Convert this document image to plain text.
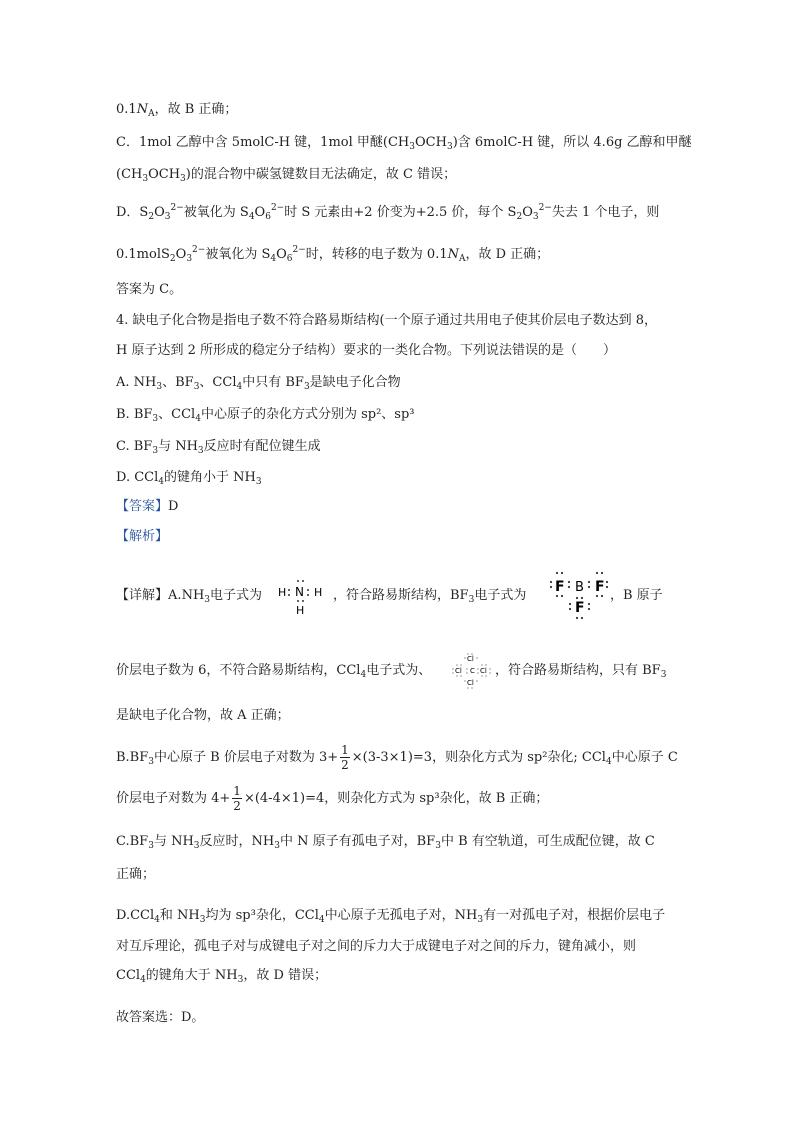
$0.1N_A$，故 B 正确；
C．1mol 乙醇中含 5molC-H 键，1mol 甲醚$(CH_3OCH_3)$含 6molC-H 键，所以 4.6g 乙醇和甲醚
$(CH_3OCH_3)$的混合物中碳氢键数目无法确定，故 C 错误；
D．$S_2O_3^{2-}$被氧化为 $S_4O_6^{2-}$时 S 元素由+2 价变为+2.5 价，每个 $S_2O_3^{2-}$失去 1 个电子，则
$0.1molS_2O_3^{2-}$被氧化为 $S_4O_6^{2-}$时，转移的电子数为 $0.1N_A$，故 D 正确；
答案为 C。
4. 缺电子化合物是指电子数不符合路易斯结构(一个原子通过共用电子使其价层电子数达到 8，
H 原子达到 2 所形成的稳定分子结构）要求的一类化合物。下列说法错误的是（　　）
A. $NH_3$、$BF_3$、CCl$_4$中只有 $BF_3$是缺电子化合物
B. $BF_3$、CCl$_4$中心原子的杂化方式分别为 sp²、sp³
C. $BF_3$与 $NH_3$反应时有配位键生成
D. CCl$_4$的键角小于 $NH_3$
【答案】D
【解析】
【详解】$A.NH_3$电子式为	，符合路易斯结构，$BF_3$电子式为	，B 原子
H N H
H
F B F
F
价层电子数为 6，不符合路易斯结构，CCl$_4$电子式为、	，符合路易斯结构，只有 $BF_3$
Cl
Cl C Cl
Cl
是缺电子化合物，故 A 正确；
$B.BF_3$中心原子 B 价层电子对数为 $3+ \frac{1}{2} \times(3-3\times 1)=3$，则杂化方式为 sp²杂化; CCl$_4$中心原子 C
价层电子对数为 $4+ \frac{1}{2} \times(4-4\times 1)=4$，则杂化方式为 sp³杂化，故 B 正确；
$C.BF_3$与 $NH_3$反应时，$NH_3$中 N 原子有孤电子对，$BF_3$中 B 有空轨道，可生成配位键，故 C
正确；
D.CCl$_4$和 $NH_3$均为 sp³杂化，CCl$_4$中心原子无孤电子对，$NH_3$有一对孤电子对，根据价层电子
对互斥理论，孤电子对与成键电子对之间的斥力大于成键电子对之间的斥力，键角减小，则
CCl$_4$的键角大于 $NH_3$，故 D 错误；
故答案选：D。
